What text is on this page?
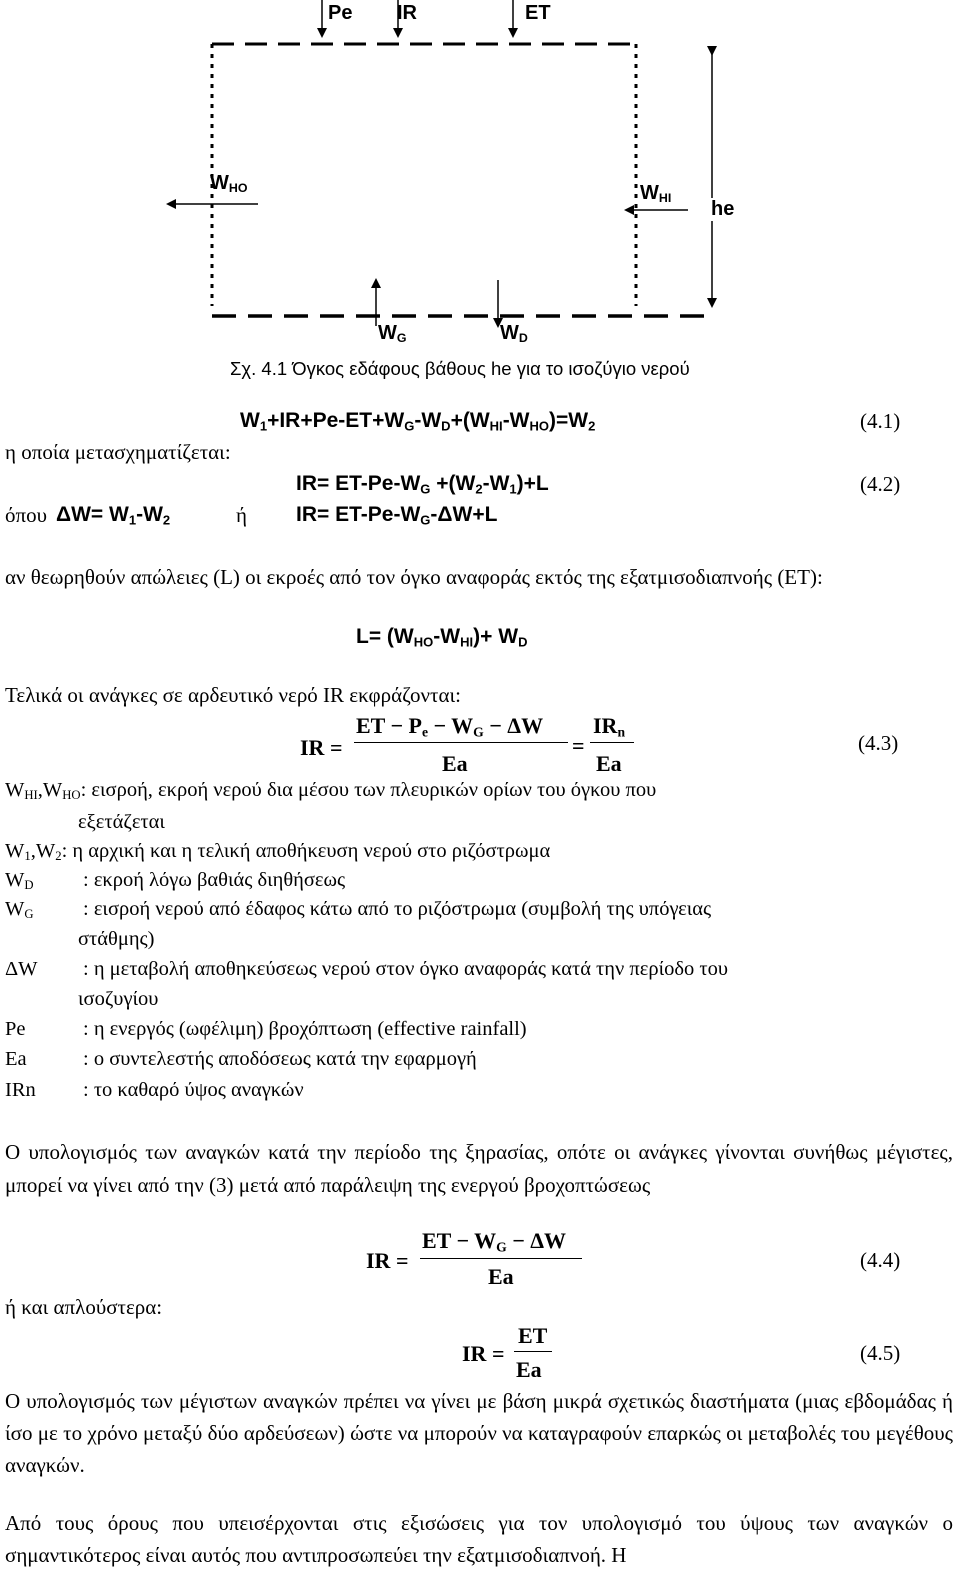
Pe IR	ET
$W_{HO}$	$W_{HI}$ he
$W_G$	$W_D$
Σχ. 4.1 Όγκος εδάφους βάθους he για το ισοζύγιο νερού
$W_1+IR+Pe-ET+W_G-W_D+(W_{HI}-W_{HO})=W_2$	(4.1)
η οποία μετασχηματίζεται:
$IR= ET-Pe-W_G +(W_2-W_1)+L$	(4.2)
όπου $\Delta W= W_1-W_2$	ή $IR= ET-Pe-W_G-\Delta W+L$
αν θεωρηθούν απώλειες (L) οι εκροές από τον όγκο αναφοράς εκτός της εξατμισοδιαπνοής (ET):
$L= (W_{HO}-W_{HI})+ W_D$
Τελικά οι ανάγκες σε αρδευτικό νερό IR εκφράζονται:
IR =
ET − $P_e - W_G - \Delta W$
Ea
=
$IR_n$
Ea
(4.3)
$W_{HI},W_{HO}$: εισροή, εκροή νερού δια μέσου των πλευρικών ορίων του όγκου που
εξετάζεται
$W_1,W_2$: η αρχική και η τελική αποθήκευση νερού στο ριζόστρωμα
$W_D$ : εκροή λόγω βαθιάς διηθήσεως
$W_G$ : εισροή νερού από έδαφος κάτω από το ριζόστρωμα (συμβολή της υπόγειας
στάθμης)
ΔW : η μεταβολή αποθηκεύσεως νερού στον όγκο αναφοράς κατά την περίοδο του
ισοζυγίου
Pe	: η ενεργός (ωφέλιμη) βροχόπτωση (effective rainfall)
Ea	: ο συντελεστής αποδόσεως κατά την εφαρμογή
IRn : το καθαρό ύψος αναγκών
Ο υπολογισμός των αναγκών κατά την περίοδο της ξηρασίας, οπότε οι ανάγκες γίνονται συνήθως μέγιστες, μπορεί να γίνει από την (3) μετά από παράλειψη της ενεργού βροχοπτώσεως
IR =
ET − $W_G - \Delta W$
Ea
(4.4)
ή και απλούστερα:
IR =
ET
Ea
(4.5)
Ο υπολογισμός των μέγιστων αναγκών πρέπει να γίνει με βάση μικρά σχετικώς διαστήματα (μιας εβδομάδας ή ίσο με το χρόνο μεταξύ δύο αρδεύσεων) ώστε να μπορούν να καταγραφούν επαρκώς οι μεταβολές του μεγέθους αναγκών.
Από τους όρους που υπεισέρχονται στις εξισώσεις για τον υπολογισμό του ύψους των αναγκών ο σημαντικότερος είναι αυτός που αντιπροσωπεύει την εξατμισοδιαπνοή. Η
